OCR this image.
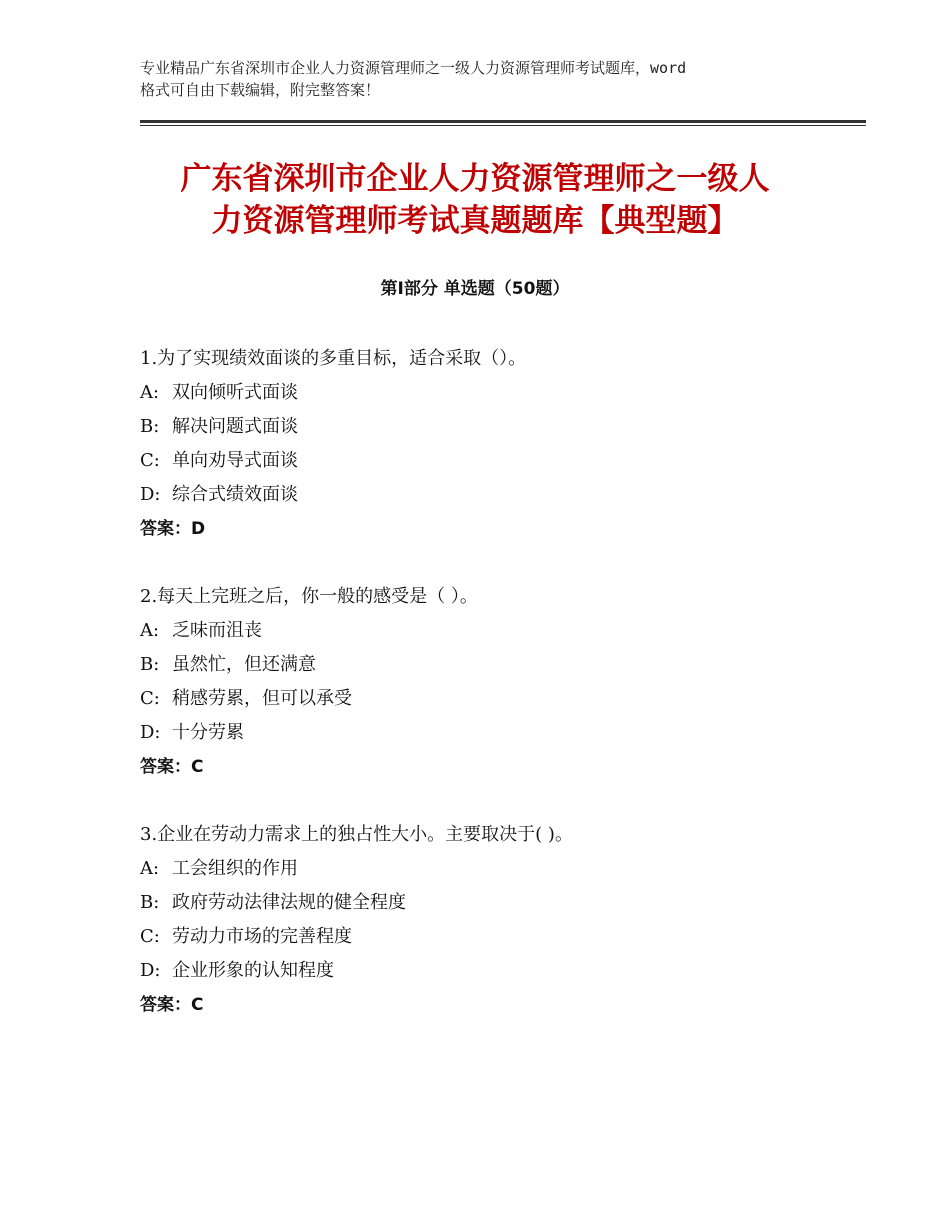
专业精品广东省深圳市企业人力资源管理师之一级人力资源管理师考试题库，word
格式可自由下载编辑，附完整答案！
广东省深圳市企业人力资源管理师之一级人
力资源管理师考试真题题库【典型题】
第Ⅰ部分 单选题（50题）
1.为了实现绩效面谈的多重目标，适合采取（）。
A: 双向倾听式面谈
B: 解决问题式面谈
C: 单向劝导式面谈
D: 综合式绩效面谈
答案：D
2.每天上完班之后，你一般的感受是（ ）。
A: 乏味而沮丧
B: 虽然忙，但还满意
C: 稍感劳累，但可以承受
D: 十分劳累
答案：C
3.企业在劳动力需求上的独占性大小。主要取决于( )。
A: 工会组织的作用
B: 政府劳动法律法规的健全程度
C: 劳动力市场的完善程度
D: 企业形象的认知程度
答案：C
